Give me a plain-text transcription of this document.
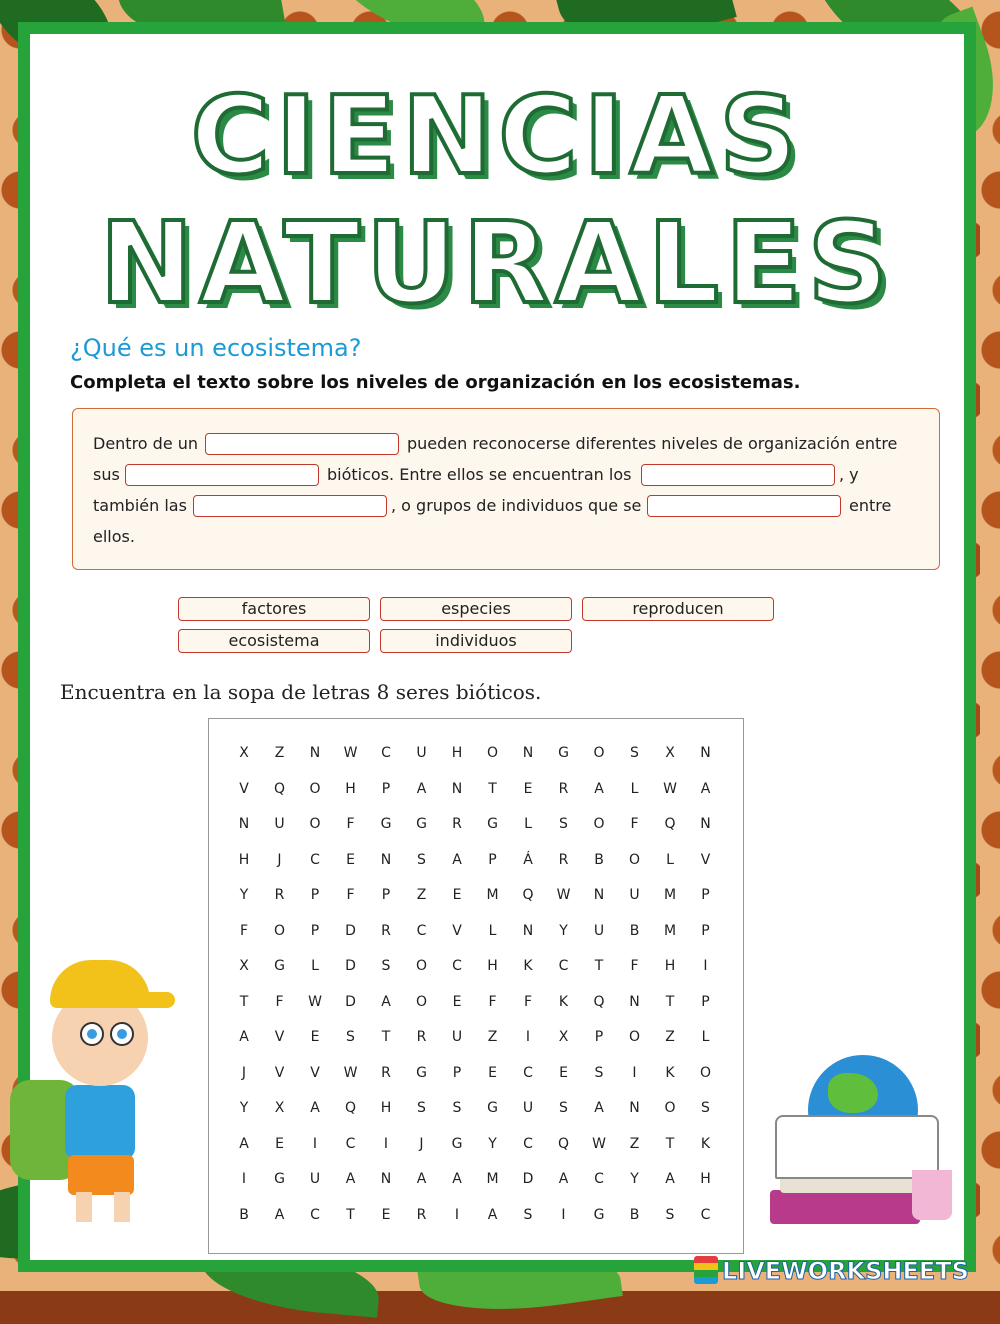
CIENCIAS
NATURALES
¿Qué es un ecosistema?
Completa el texto sobre los niveles de organización en los ecosistemas.
Dentro de un	pueden reconocerse diferentes niveles de organización entre
sus	bióticos. Entre ellos se encuentran los	, y
también las	, o grupos de individuos que se	entre
ellos.
factores	especies	reproducen
ecosistema	individuos
Encuentra en la sopa de letras 8 seres bióticos.
X	Z	N	W	C	U	H	O	N	G	O	S	X	N
V	Q	O	H	P	A	N	T	E	R	A	L	W	A
N	U	O	F	G	G	R	G	L	S	O	F	Q	N
H	J	C	E	N	S	A	P	Á	R	B	O	L	V
Y	R	P	F	P	Z	E	M	Q	W	N	U	M	P
F	O	P	D	R	C	V	L	N	Y	U	B	M	P
X	G	L	D	S	O	C	H	K	C	T	F	H	I
T	F	W	D	A	O	E	F	F	K	Q	N	T	P
A	V	E	S	T	R	U	Z	I	X	P	O	Z	L
J	V	V	W	R	G	P	E	C	E	S	I	K	O
Y	X	A	Q	H	S	S	G	U	S	A	N	O	S
A	E	I	C	I	J	G	Y	C	Q	W	Z	T	K
I	G	U	A	N	A	A	M	D	A	C	Y	A	H
B	A	C	T	E	R	I	A	S	I	G	B	S	C
LIVEWORKSHEETS
